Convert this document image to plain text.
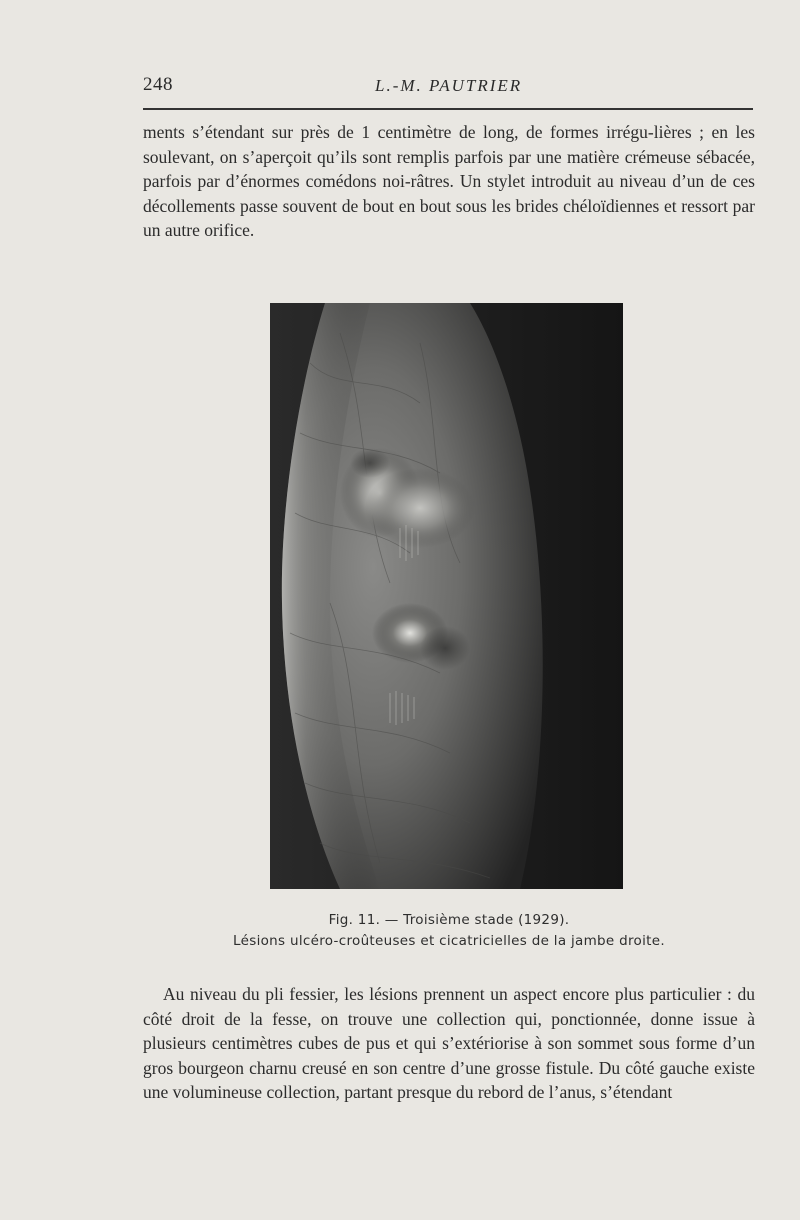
248	L.-M. PAUTRIER

ments s’étendant sur près de 1 centimètre de long, de formes irrégu-lières ; en les soulevant, on s’aperçoit qu’ils sont remplis parfois par une matière crémeuse sébacée, parfois par d’énormes comédons noi-râtres. Un stylet introduit au niveau d’un de ces décollements passe souvent de bout en bout sous les brides chéloïdiennes et ressort par un autre orifice.

Fig. 11. — Troisième stade (1929).
Lésions ulcéro-croûteuses et cicatricielles de la jambe droite.

Au niveau du pli fessier, les lésions prennent un aspect encore plus particulier : du côté droit de la fesse, on trouve une collection qui, ponctionnée, donne issue à plusieurs centimètres cubes de pus et qui s’extériorise à son sommet sous forme d’un gros bourgeon charnu creusé en son centre d’une grosse fistule. Du côté gauche existe une volumineuse collection, partant presque du rebord de l’anus, s’étendant
